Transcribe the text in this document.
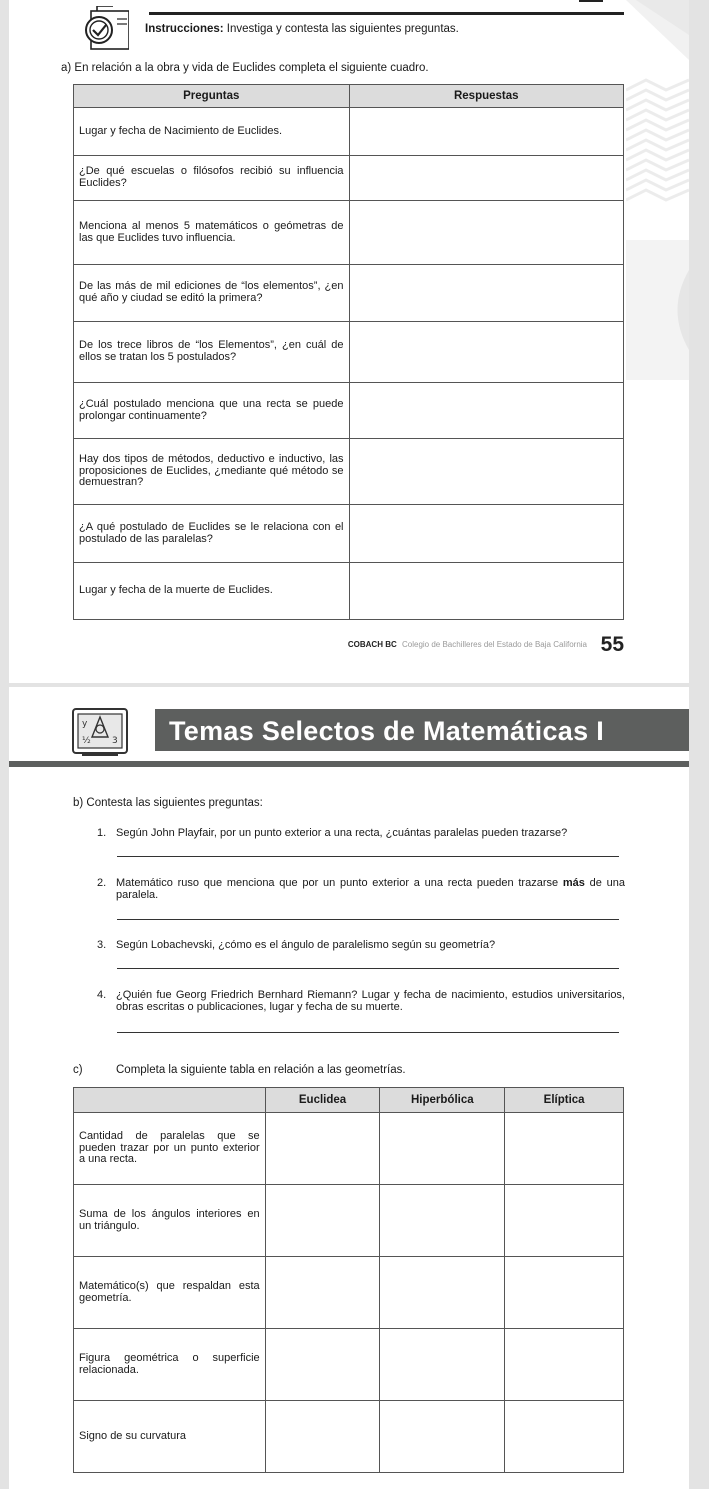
Instrucciones: Investiga y contesta las siguientes preguntas.
a) En relación a la obra y vida de Euclides completa el siguiente cuadro.
Preguntas	Respuestas
Lugar y fecha de Nacimiento de Euclides.	
¿De qué escuelas o filósofos recibió su influencia Euclides?	
Menciona al menos 5 matemáticos o geómetras de las que Euclides tuvo influencia.	
De las más de mil ediciones de “los elementos”, ¿en qué año y ciudad se editó la primera?	
De los trece libros de “los Elementos”, ¿en cuál de ellos se tratan los 5 postulados?	
¿Cuál postulado menciona que una recta se puede prolongar continuamente?	
Hay dos tipos de métodos, deductivo e inductivo, las proposiciones de Euclides, ¿mediante qué método se demuestran?	
¿A qué postulado de Euclides se le relaciona con el postulado de las paralelas?	
Lugar y fecha de la muerte de Euclides.	
COBACH BC Colegio de Bachilleres del Estado de Baja California 55
Temas Selectos de Matemáticas I
y
½ 3
b) Contesta las siguientes preguntas:
1. Según John Playfair, por un punto exterior a una recta, ¿cuántas paralelas pueden trazarse?
2. Matemático ruso que menciona que por un punto exterior a una recta pueden trazarse más de una paralela.
3. Según Lobachevski, ¿cómo es el ángulo de paralelismo según su geometría?
4. ¿Quién fue Georg Friedrich Bernhard Riemann? Lugar y fecha de nacimiento, estudios universitarios, obras escritas o publicaciones, lugar y fecha de su muerte.
c)	Completa la siguiente tabla en relación a las geometrías.
	Euclidea	Hiperbólica	Elíptica
Cantidad de paralelas que se pueden trazar por un punto exterior a una recta.			
Suma de los ángulos interiores en un triángulo.			
Matemático(s) que respaldan esta geometría.			
Figura geométrica o superficie relacionada.			
Signo de su curvatura			
